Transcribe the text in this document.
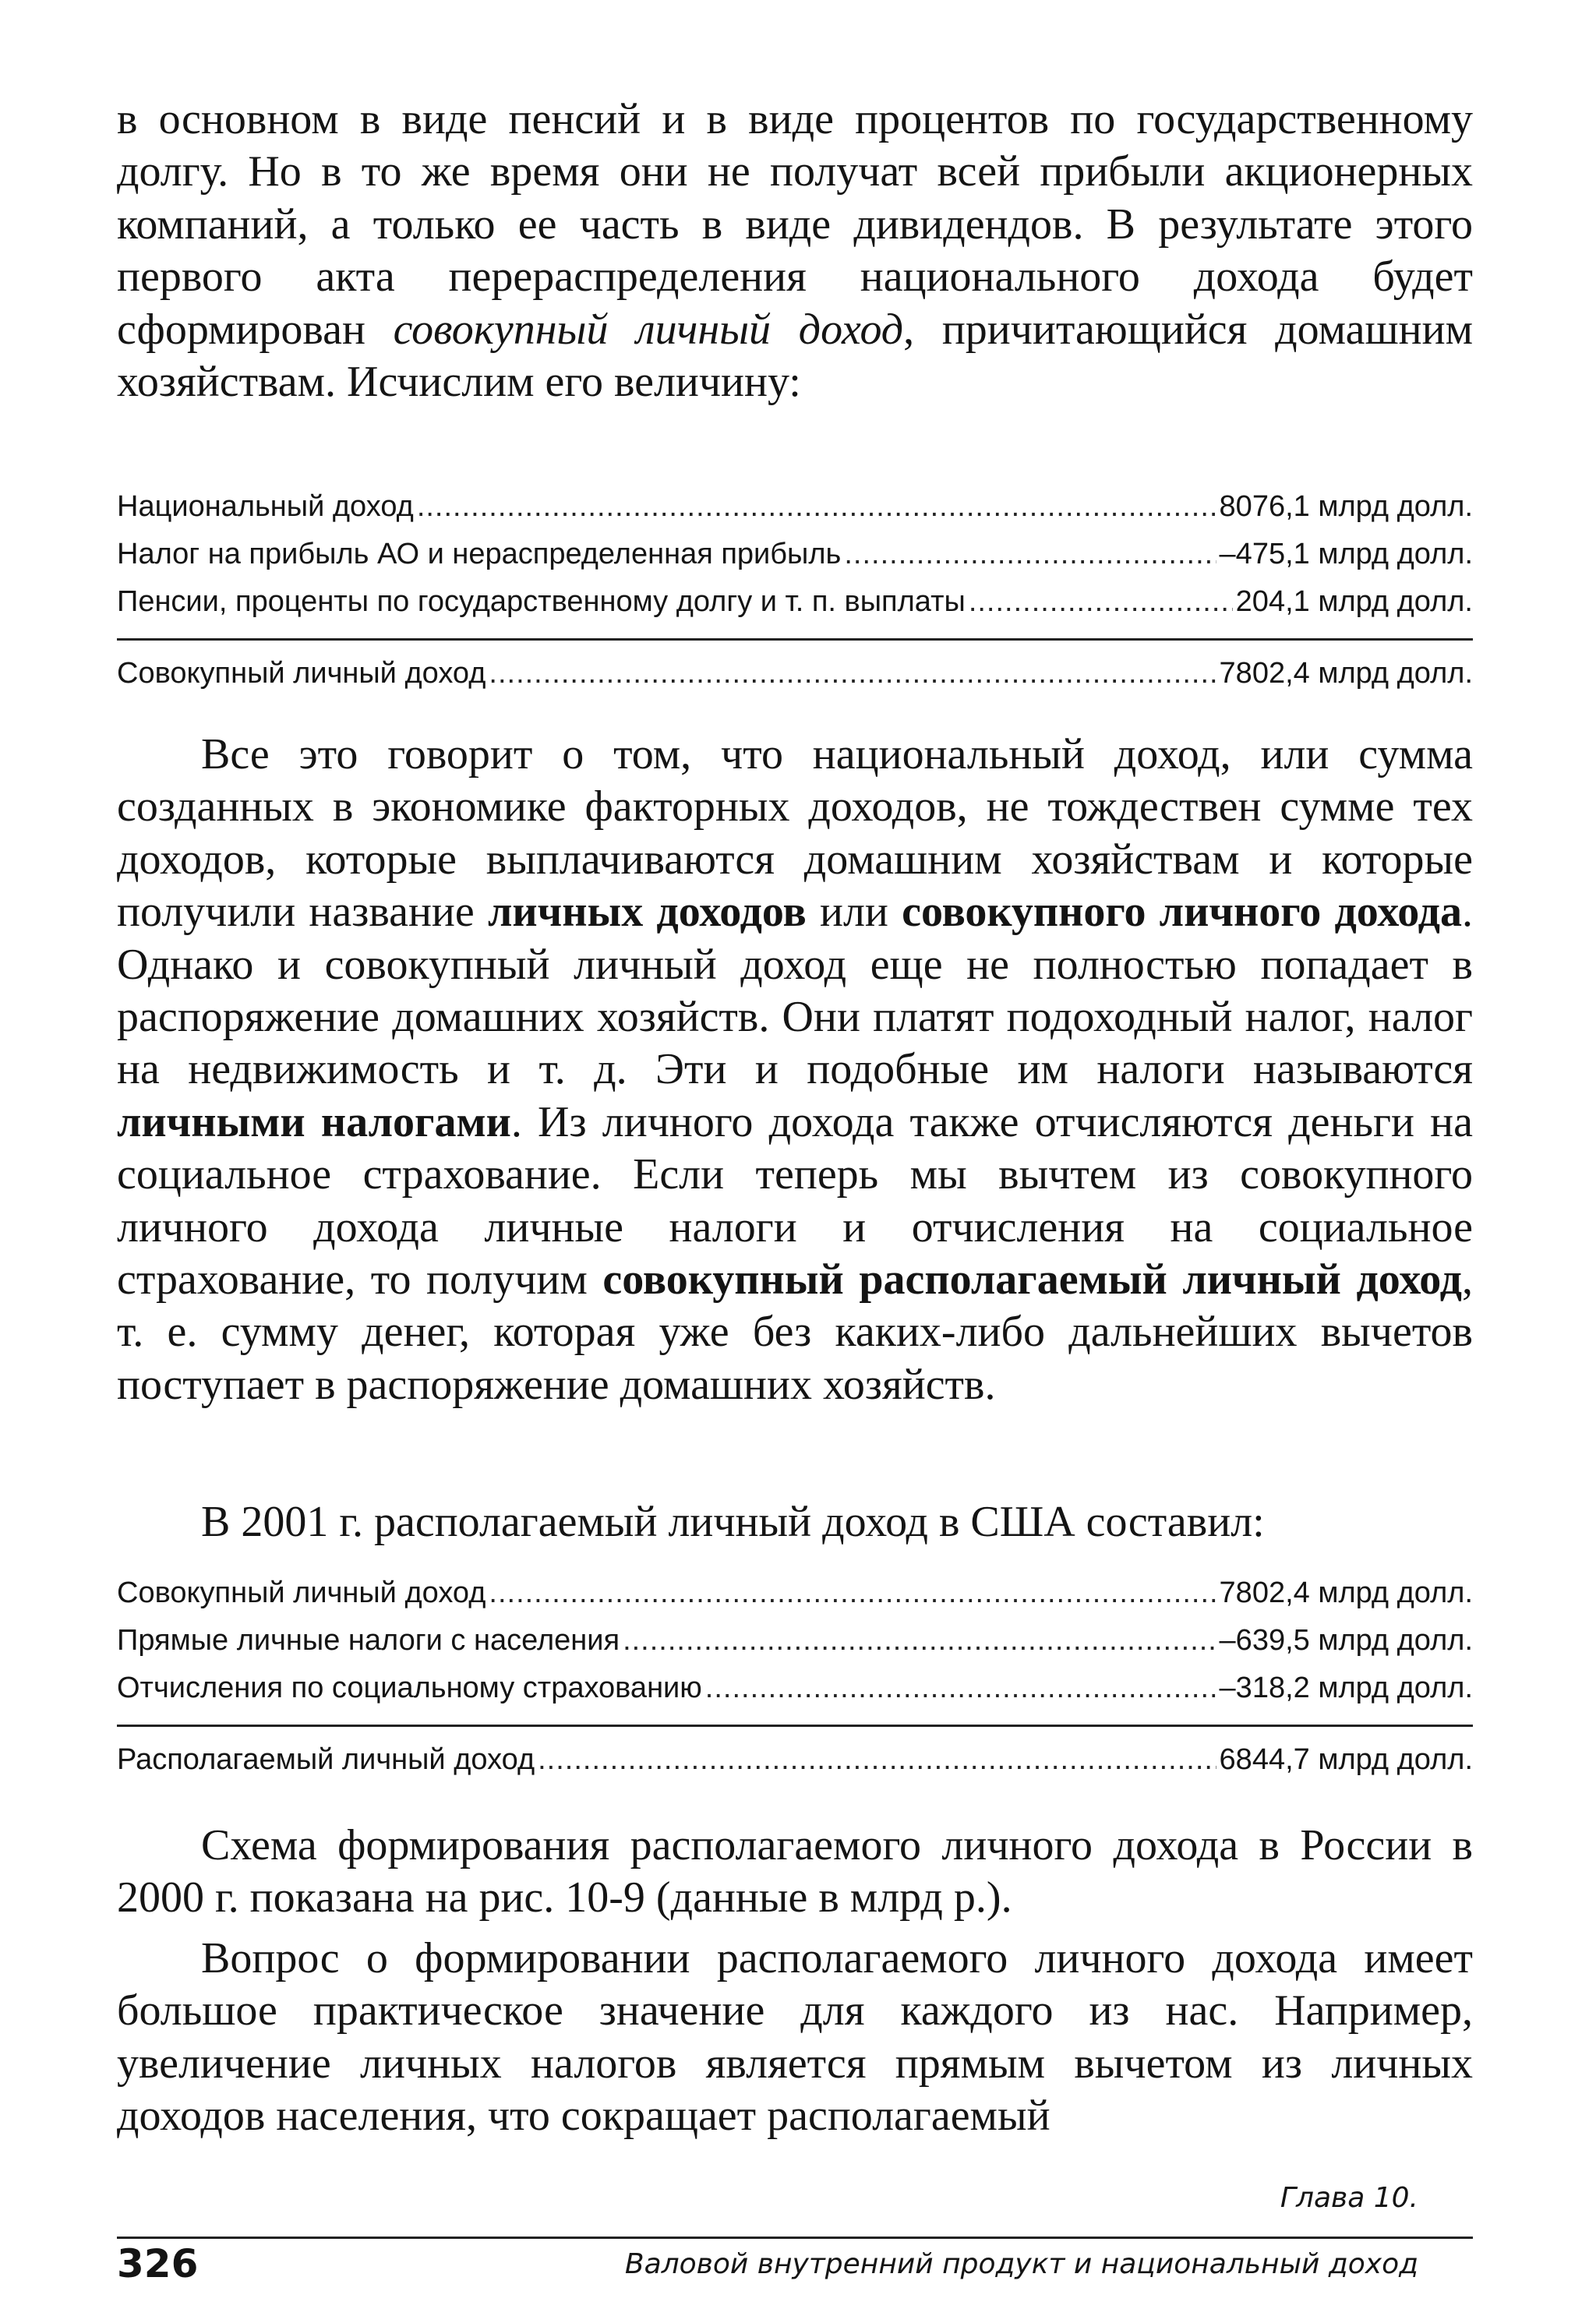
в основном в виде пенсий и в виде процентов по государственному долгу. Но в то же время они не получат всей прибыли акционерных компаний, а только ее часть в виде дивидендов. В результате этого первого акта перераспределения национального дохода будет сформирован совокупный личный доход, причитающийся домашним хозяйствам. Исчислим его величину:

Национальный доход .....	8076,1 млрд долл.
Налог на прибыль АО и нераспределенная прибыль .....	–475,1 млрд долл.
Пенсии, проценты по государственному долгу и т. п. выплаты .....	204,1 млрд долл.
Совокупный личный доход .....	7802,4 млрд долл.

Все это говорит о том, что национальный доход, или сумма созданных в экономике факторных доходов, не тождествен сумме тех доходов, которые выплачиваются домашним хозяйствам и которые получили название личных доходов или совокупного личного дохода. Однако и совокупный личный доход еще не полностью попадает в распоряжение домашних хозяйств. Они платят подоходный налог, налог на недвижимость и т. д. Эти и подобные им налоги называются личными налогами. Из личного дохода также отчисляются деньги на социальное страхование. Если теперь мы вычтем из совокупного личного дохода личные налоги и отчисления на социальное страхование, то получим совокупный располагаемый личный доход, т. е. сумму денег, которая уже без каких-либо дальнейших вычетов поступает в распоряжение домашних хозяйств.

В 2001 г. располагаемый личный доход в США составил:

Совокупный личный доход .....	7802,4 млрд долл.
Прямые личные налоги с населения .....	–639,5 млрд долл.
Отчисления по социальному страхованию .....	–318,2 млрд долл.
Располагаемый личный доход .....	6844,7 млрд долл.

Схема формирования располагаемого личного дохода в России в 2000 г. показана на рис. 10-9 (данные в млрд р.).

Вопрос о формировании располагаемого личного дохода имеет большое практическое значение для каждого из нас. Например, увеличение личных налогов является прямым вычетом из личных доходов населения, что сокращает располагаемый

Глава 10.
326	Валовой внутренний продукт и национальный доход
